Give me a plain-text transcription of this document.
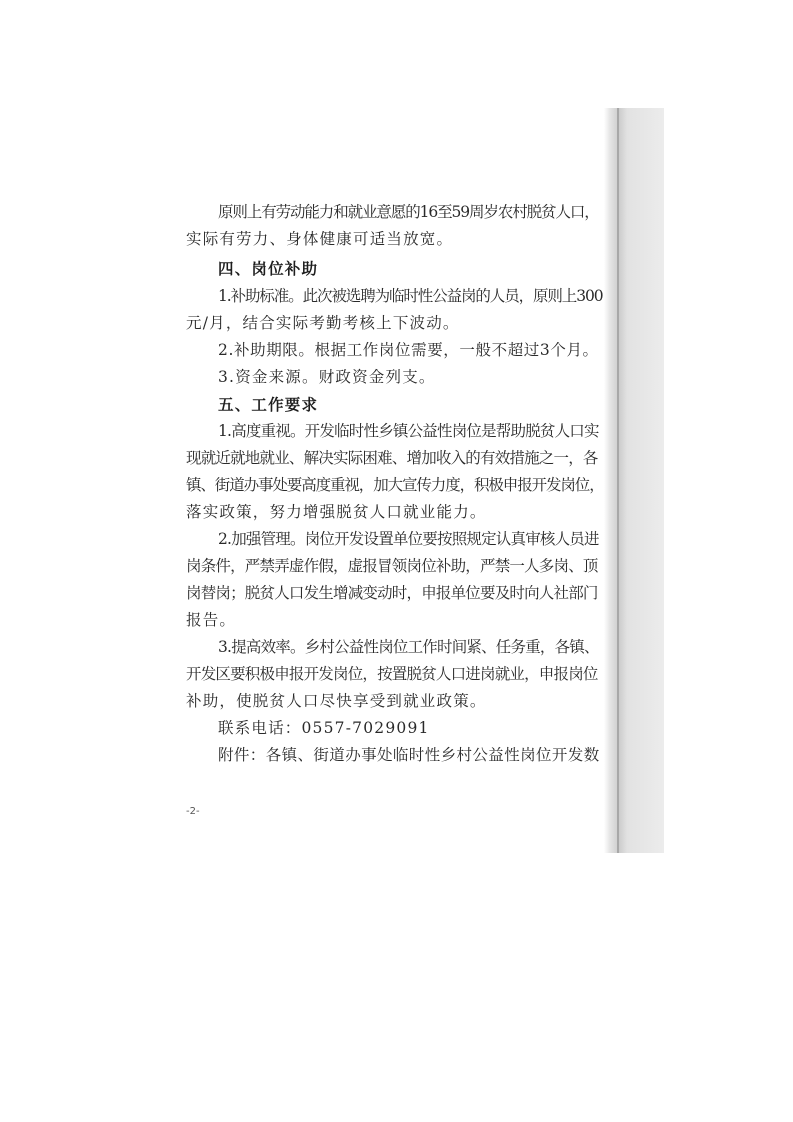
原则上有劳动能力和就业意愿的16至59周岁农村脱贫人口，
实际有劳力、身体健康可适当放宽。
四、岗位补助
1.补助标准。此次被选聘为临时性公益岗的人员，原则上300
元/月，结合实际考勤考核上下波动。
2.补助期限。根据工作岗位需要，一般不超过3个月。
3.资金来源。财政资金列支。
五、工作要求
1.高度重视。开发临时性乡镇公益性岗位是帮助脱贫人口实
现就近就地就业、解决实际困难、增加收入的有效措施之一，各
镇、街道办事处要高度重视，加大宣传力度，积极申报开发岗位，
落实政策，努力增强脱贫人口就业能力。
2.加强管理。岗位开发设置单位要按照规定认真审核人员进
岗条件，严禁弄虚作假，虚报冒领岗位补助，严禁一人多岗、顶
岗替岗；脱贫人口发生增减变动时，申报单位要及时向人社部门
报告。
3.提高效率。乡村公益性岗位工作时间紧、任务重，各镇、
开发区要积极申报开发岗位，按置脱贫人口进岗就业，申报岗位
补助，使脱贫人口尽快享受到就业政策。
联系电话：0557-7029091
附件：各镇、街道办事处临时性乡村公益性岗位开发数
-2-
